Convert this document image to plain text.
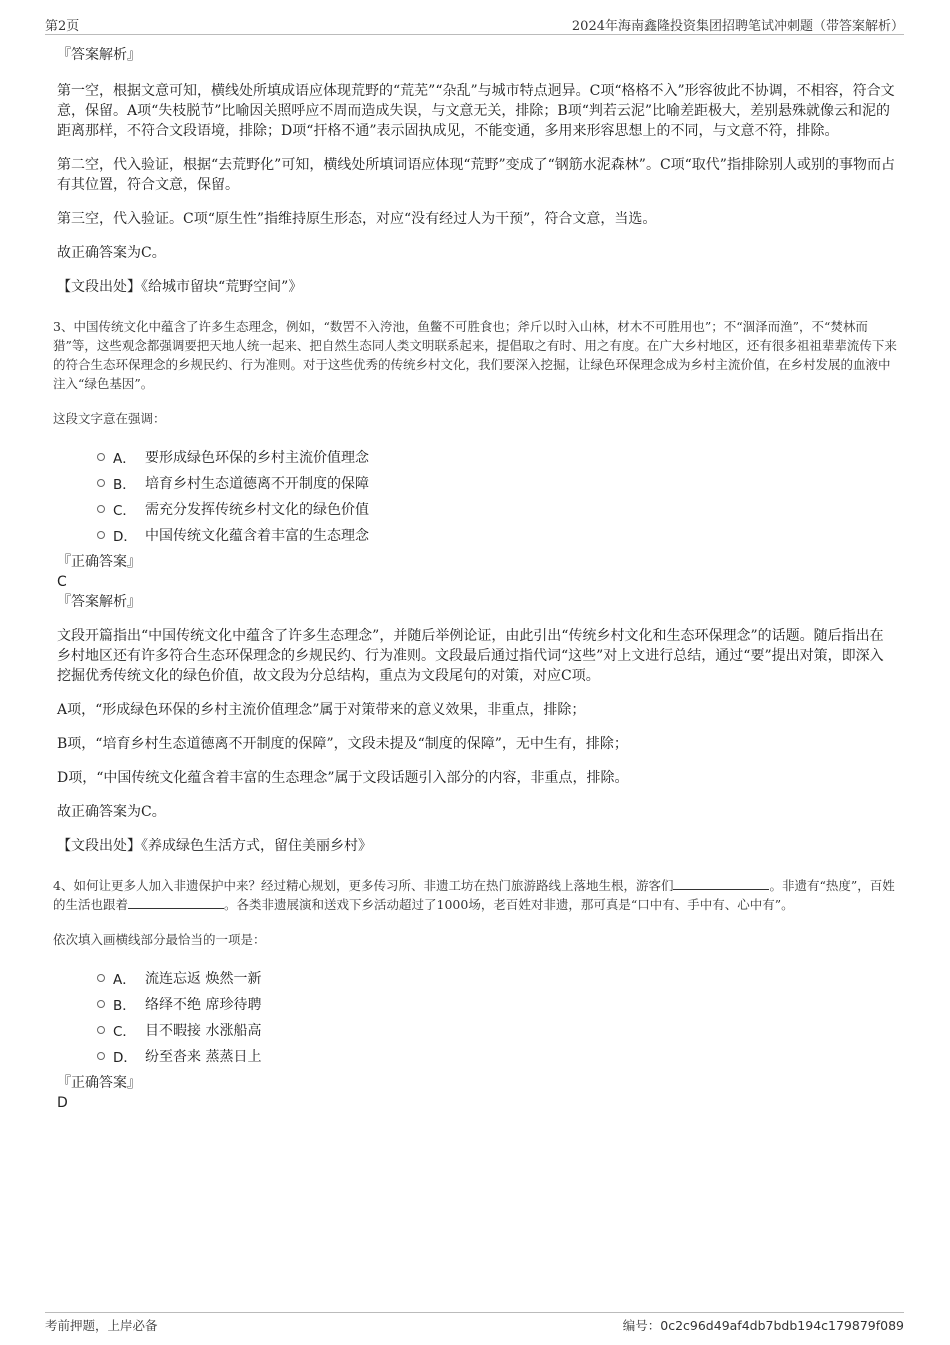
第2页	2024年海南鑫隆投资集团招聘笔试冲刺题（带答案解析）

『答案解析』

第一空，根据文意可知，横线处所填成语应体现荒野的“荒芜”“杂乱”与城市特点迥异。C项“格格不入”形容彼此不协调，不相容，符合文意，保留。A项“失枝脱节”比喻因关照呼应不周而造成失误，与文意无关，排除；B项“判若云泥”比喻差距极大，差别悬殊就像云和泥的距离那样，不符合文段语境，排除；D项“扞格不通”表示固执成见，不能变通，多用来形容思想上的不同，与文意不符，排除。

第二空，代入验证，根据“去荒野化”可知，横线处所填词语应体现“荒野”变成了“钢筋水泥森林”。C项“取代”指排除别人或别的事物而占有其位置，符合文意，保留。

第三空，代入验证。C项“原生性”指维持原生形态，对应“没有经过人为干预”，符合文意，当选。

故正确答案为C。

【文段出处】《给城市留块“荒野空间”》

3、中国传统文化中蕴含了许多生态理念，例如，“数罟不入洿池，鱼鳖不可胜食也；斧斤以时入山林，材木不可胜用也”；不“涸泽而渔”，不“焚林而猎”等，这些观念都强调要把天地人统一起来、把自然生态同人类文明联系起来，提倡取之有时、用之有度。在广大乡村地区，还有很多祖祖辈辈流传下来的符合生态环保理念的乡规民约、行为准则。对于这些优秀的传统乡村文化，我们要深入挖掘，让绿色环保理念成为乡村主流价值，在乡村发展的血液中注入“绿色基因”。

这段文字意在强调：

A． 要形成绿色环保的乡村主流价值理念
B． 培育乡村生态道德离不开制度的保障
C． 需充分发挥传统乡村文化的绿色价值
D． 中国传统文化蕴含着丰富的生态理念

『正确答案』

C

『答案解析』

文段开篇指出“中国传统文化中蕴含了许多生态理念”，并随后举例论证，由此引出“传统乡村文化和生态环保理念”的话题。随后指出在乡村地区还有许多符合生态环保理念的乡规民约、行为准则。文段最后通过指代词“这些”对上文进行总结，通过“要”提出对策，即深入挖掘优秀传统文化的绿色价值，故文段为分总结构，重点为文段尾句的对策，对应C项。

A项，“形成绿色环保的乡村主流价值理念”属于对策带来的意义效果，非重点，排除；

B项，“培育乡村生态道德离不开制度的保障”，文段未提及“制度的保障”，无中生有，排除；

D项，“中国传统文化蕴含着丰富的生态理念”属于文段话题引入部分的内容，非重点，排除。

故正确答案为C。

【文段出处】《养成绿色生活方式，留住美丽乡村》

4、如何让更多人加入非遗保护中来？经过精心规划，更多传习所、非遗工坊在热门旅游路线上落地生根，游客们	。非遗有“热度”，百姓的生活也跟着	。各类非遗展演和送戏下乡活动超过了1000场，老百姓对非遗，那可真是“口中有、手中有、心中有”。

依次填入画横线部分最恰当的一项是：

A． 流连忘返 焕然一新
B． 络绎不绝 席珍待聘
C． 目不暇接 水涨船高
D． 纷至沓来 蒸蒸日上

『正确答案』

D

考前押题，上岸必备	编号：0c2c96d49af4db7bdb194c179879f089
